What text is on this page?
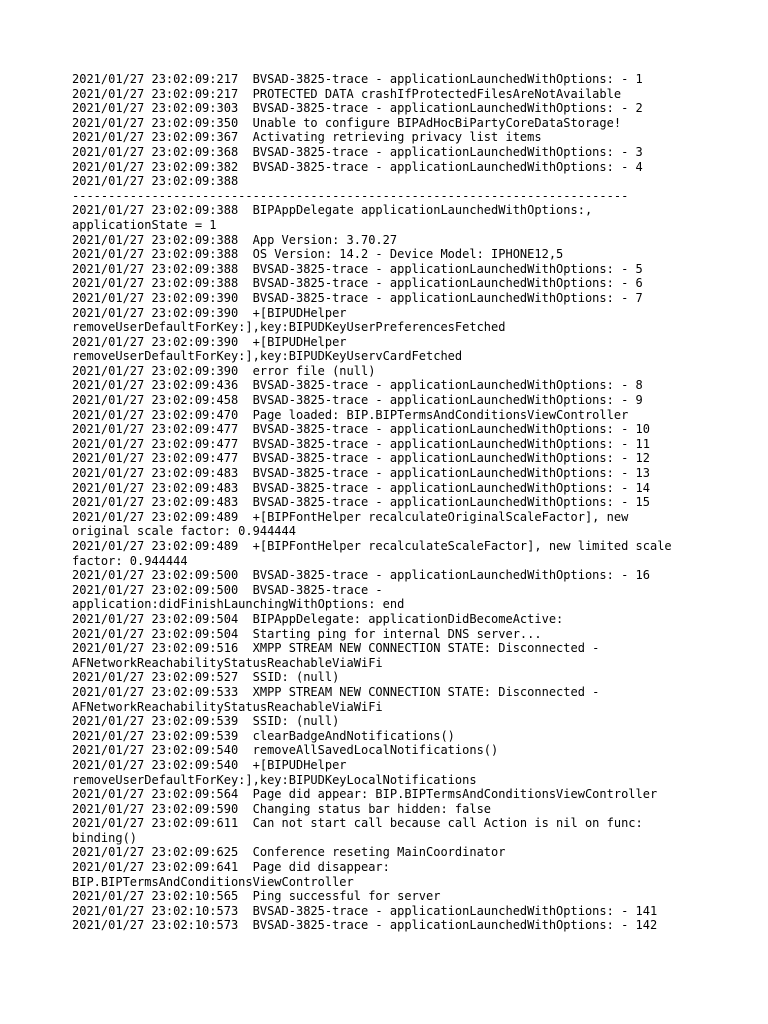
2021/01/27 23:02:09:217  BVSAD-3825-trace - applicationLaunchedWithOptions: - 1
2021/01/27 23:02:09:217  PROTECTED DATA crashIfProtectedFilesAreNotAvailable
2021/01/27 23:02:09:303  BVSAD-3825-trace - applicationLaunchedWithOptions: - 2
2021/01/27 23:02:09:350  Unable to configure BIPAdHocBiPartyCoreDataStorage!
2021/01/27 23:02:09:367  Activating retrieving privacy list items
2021/01/27 23:02:09:368  BVSAD-3825-trace - applicationLaunchedWithOptions: - 3
2021/01/27 23:02:09:382  BVSAD-3825-trace - applicationLaunchedWithOptions: - 4
2021/01/27 23:02:09:388
-----------------------------------------------------------------------------
2021/01/27 23:02:09:388  BIPAppDelegate applicationLaunchedWithOptions:,
applicationState = 1
2021/01/27 23:02:09:388  App Version: 3.70.27
2021/01/27 23:02:09:388  OS Version: 14.2 - Device Model: IPHONE12,5
2021/01/27 23:02:09:388  BVSAD-3825-trace - applicationLaunchedWithOptions: - 5
2021/01/27 23:02:09:388  BVSAD-3825-trace - applicationLaunchedWithOptions: - 6
2021/01/27 23:02:09:390  BVSAD-3825-trace - applicationLaunchedWithOptions: - 7
2021/01/27 23:02:09:390  +[BIPUDHelper
removeUserDefaultForKey:],key:BIPUDKeyUserPreferencesFetched
2021/01/27 23:02:09:390  +[BIPUDHelper
removeUserDefaultForKey:],key:BIPUDKeyUservCardFetched
2021/01/27 23:02:09:390  error file (null)
2021/01/27 23:02:09:436  BVSAD-3825-trace - applicationLaunchedWithOptions: - 8
2021/01/27 23:02:09:458  BVSAD-3825-trace - applicationLaunchedWithOptions: - 9
2021/01/27 23:02:09:470  Page loaded: BIP.BIPTermsAndConditionsViewController
2021/01/27 23:02:09:477  BVSAD-3825-trace - applicationLaunchedWithOptions: - 10
2021/01/27 23:02:09:477  BVSAD-3825-trace - applicationLaunchedWithOptions: - 11
2021/01/27 23:02:09:477  BVSAD-3825-trace - applicationLaunchedWithOptions: - 12
2021/01/27 23:02:09:483  BVSAD-3825-trace - applicationLaunchedWithOptions: - 13
2021/01/27 23:02:09:483  BVSAD-3825-trace - applicationLaunchedWithOptions: - 14
2021/01/27 23:02:09:483  BVSAD-3825-trace - applicationLaunchedWithOptions: - 15
2021/01/27 23:02:09:489  +[BIPFontHelper recalculateOriginalScaleFactor], new
original scale factor: 0.944444
2021/01/27 23:02:09:489  +[BIPFontHelper recalculateScaleFactor], new limited scale
factor: 0.944444
2021/01/27 23:02:09:500  BVSAD-3825-trace - applicationLaunchedWithOptions: - 16
2021/01/27 23:02:09:500  BVSAD-3825-trace -
application:didFinishLaunchingWithOptions: end
2021/01/27 23:02:09:504  BIPAppDelegate: applicationDidBecomeActive:
2021/01/27 23:02:09:504  Starting ping for internal DNS server...
2021/01/27 23:02:09:516  XMPP STREAM NEW CONNECTION STATE: Disconnected -
AFNetworkReachabilityStatusReachableViaWiFi
2021/01/27 23:02:09:527  SSID: (null)
2021/01/27 23:02:09:533  XMPP STREAM NEW CONNECTION STATE: Disconnected -
AFNetworkReachabilityStatusReachableViaWiFi
2021/01/27 23:02:09:539  SSID: (null)
2021/01/27 23:02:09:539  clearBadgeAndNotifications()
2021/01/27 23:02:09:540  removeAllSavedLocalNotifications()
2021/01/27 23:02:09:540  +[BIPUDHelper
removeUserDefaultForKey:],key:BIPUDKeyLocalNotifications
2021/01/27 23:02:09:564  Page did appear: BIP.BIPTermsAndConditionsViewController
2021/01/27 23:02:09:590  Changing status bar hidden: false
2021/01/27 23:02:09:611  Can not start call because call Action is nil on func:
binding()
2021/01/27 23:02:09:625  Conference reseting MainCoordinator
2021/01/27 23:02:09:641  Page did disappear:
BIP.BIPTermsAndConditionsViewController
2021/01/27 23:02:10:565  Ping successful for server
2021/01/27 23:02:10:573  BVSAD-3825-trace - applicationLaunchedWithOptions: - 141
2021/01/27 23:02:10:573  BVSAD-3825-trace - applicationLaunchedWithOptions: - 142
